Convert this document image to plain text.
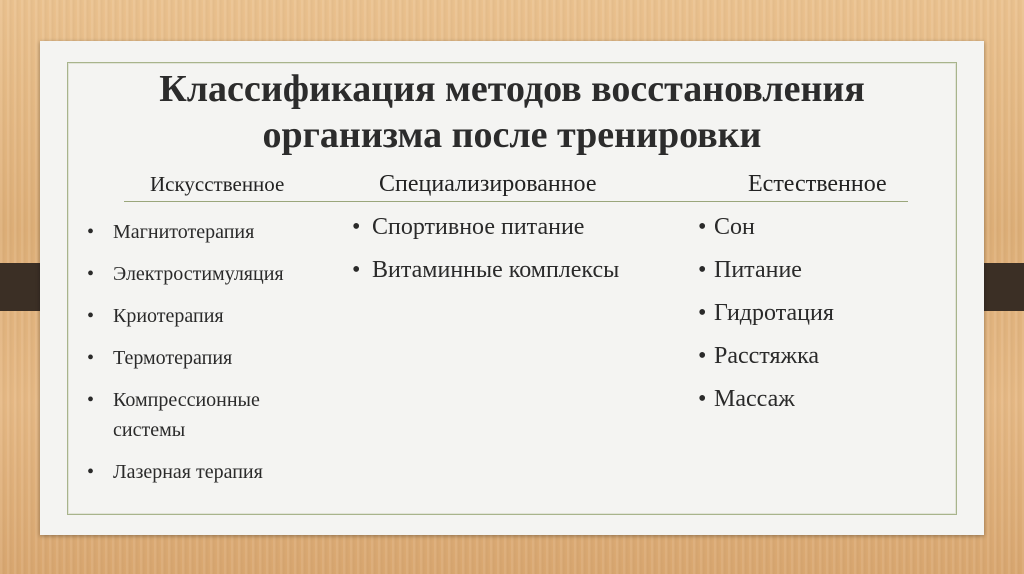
Классификация методов восстановления
организма после тренировки
Искусственное	Специализированное	Естественное
• Магнитотерапия
• Электростимуляция
• Криотерапия
• Термотерапия
• Компрессионные системы
• Лазерная терапия
• Спортивное питание
• Витаминные комплексы
• Сон
• Питание
• Гидротация
• Расстяжка
• Массаж
